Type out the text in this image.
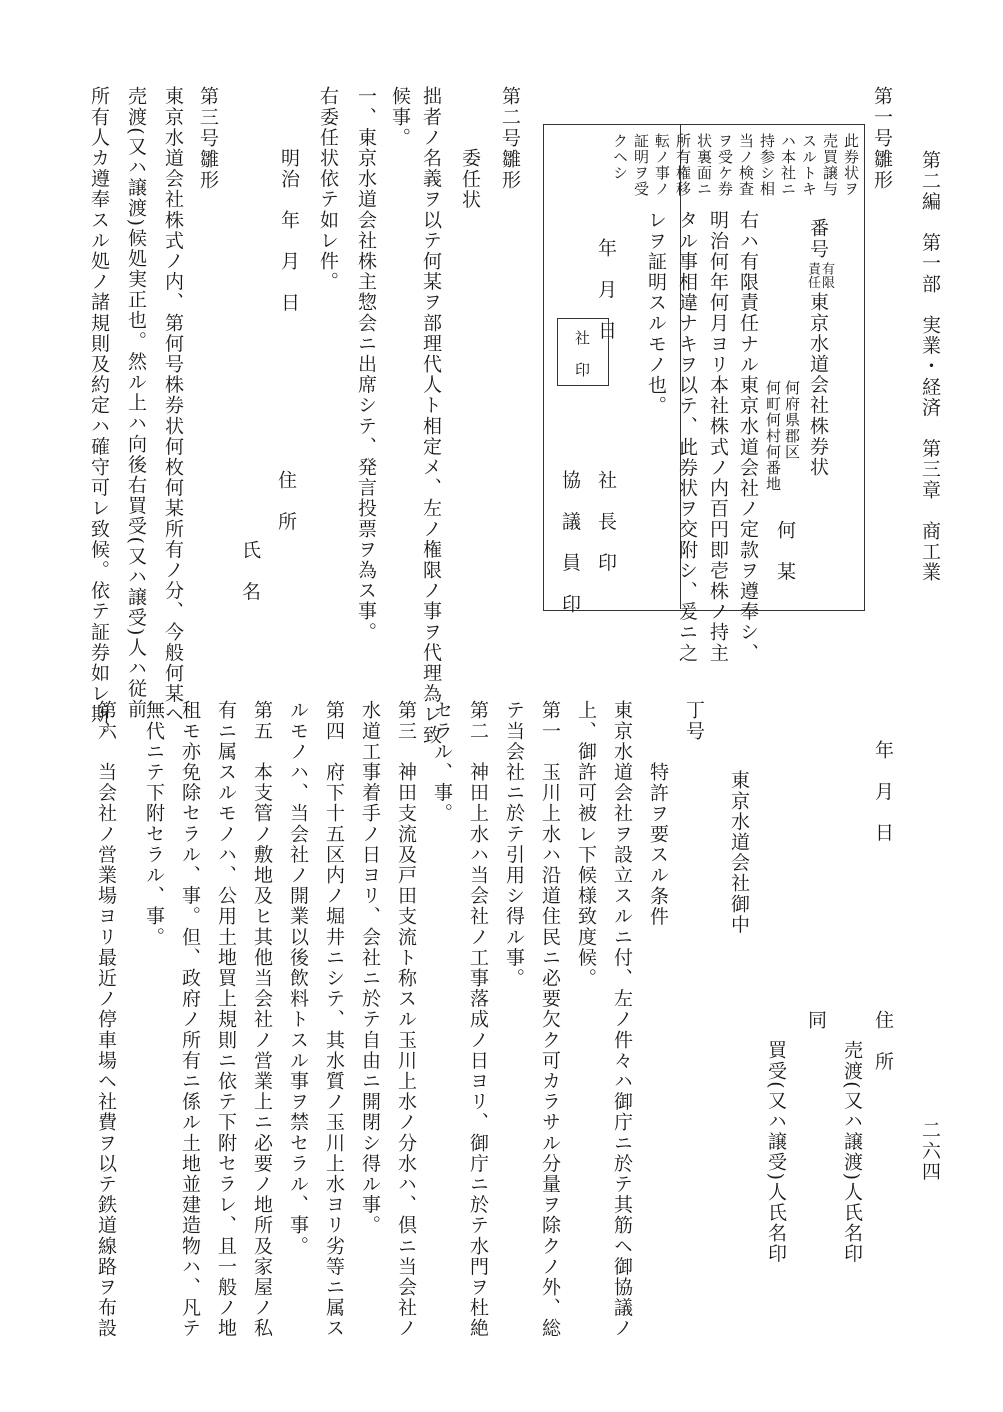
第二編　第一部　実業・経済　第三章　商工業
二六四
第一号雛形
此券状ヲ
売買譲与
スルトキ
ハ本社ニ
持参シ相
当ノ検査
ヲ受ケ券
状裏面ニ
所有権移
転ノ事ノ
証明ヲ受
クヘシ
番号
有限
責任
東京水道会社株券状
何府県郡区
何町何村何番地
何　某
右ハ有限責任ナル東京水道会社ノ定款ヲ遵奉シ、
明治何年何月ヨリ本社株式ノ内百円即壱株ノ持主
タル事相違ナキヲ以テ、此券状ヲ交附シ、爰ニ之
レヲ証明スルモノ也。
年　月　日
社　印
社　長　印
協　議　員　印
第二号雛形
委任状
拙者ノ名義ヲ以テ何某ヲ部理代人ト相定メ、左ノ権限ノ事ヲ代理為レ致
候事。
一、東京水道会社株主惣会ニ出席シテ、発言投票ヲ為ス事。
右委任状依テ如レ件。
明治　年　月　日
住　所
氏　名
第三号雛形
東京水道会社株式ノ内、第何号株券状何枚何某所有ノ分、今般何某ヘ
売渡(又ハ譲渡)候処実正也。然ル上ハ向後右買受(又ハ譲受)人ハ従前
所有人カ遵奉スル処ノ諸規則及約定ハ確守可レ致候。依テ証券如レ斯。
年　月　日
住　所
売渡(又ハ譲渡)人氏名印
同
買受(又ハ譲受)人氏名印
東京水道会社御中
丁号
特許ヲ要スル条件
東京水道会社ヲ設立スルニ付、左ノ件々ハ御庁ニ於テ其筋ヘ御協議ノ
上、御許可被レ下候様致度候。
第一　玉川上水ハ沿道住民ニ必要欠ク可カラサル分量ヲ除クノ外、総
テ当会社ニ於テ引用シ得ル事。
第二　神田上水ハ当会社ノ工事落成ノ日ヨリ、御庁ニ於テ水門ヲ杜絶
セラル、事。
第三　神田支流及戸田支流ト称スル玉川上水ノ分水ハ、倶ニ当会社ノ
水道工事着手ノ日ヨリ、会社ニ於テ自由ニ開閉シ得ル事。
第四　府下十五区内ノ堀井ニシテ、其水質ノ玉川上水ヨリ劣等ニ属ス
ルモノハ、当会社ノ開業以後飲料トスル事ヲ禁セラル、事。
第五　本支管ノ敷地及ヒ其他当会社ノ営業上ニ必要ノ地所及家屋ノ私
有ニ属スルモノハ、公用土地買上規則ニ依テ下附セラレ、且一般ノ地
租モ亦免除セラル、事。但、政府ノ所有ニ係ル土地並建造物ハ、凡テ
無代ニテ下附セラル、事。
第六　当会社ノ営業場ヨリ最近ノ停車場ヘ社費ヲ以テ鉄道線路ヲ布設
